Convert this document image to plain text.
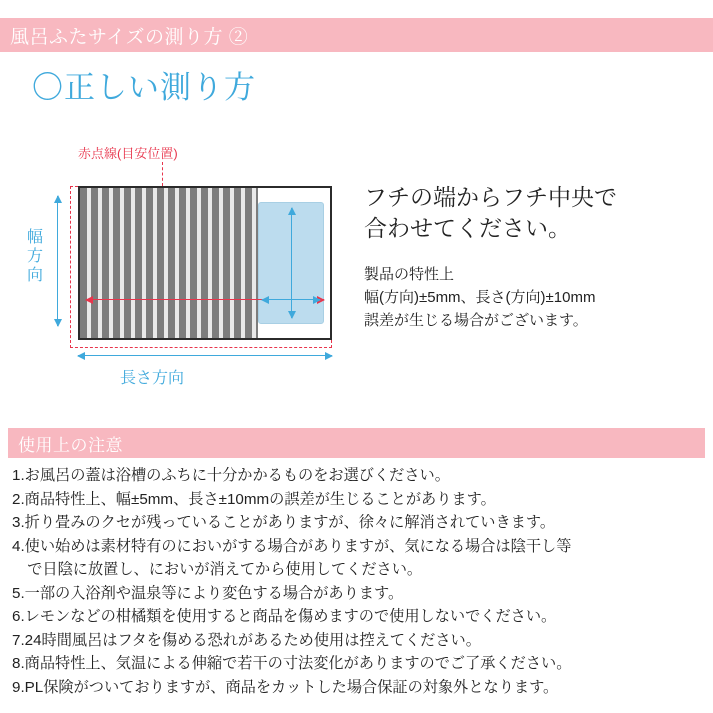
風呂ふたサイズの測り方 ②
〇正しい測り方
赤点線(目安位置)
幅
方向
長さ方向
フチの端からフチ中央で
合わせてください。
製品の特性上
幅(方向)±5mm、長さ(方向)±10mm
誤差が生じる場合がございます。
使用上の注意
1.お風呂の蓋は浴槽のふちに十分かかるものをお選びください。
2.商品特性上、幅±5mm、長さ±10mmの誤差が生じることがあります。
3.折り畳みのクセが残っていることがありますが、徐々に解消されていきます。
4.使い始めは素材特有のにおいがする場合がありますが、気になる場合は陰干し等
　で日陰に放置し、においが消えてから使用してください。
5.一部の入浴剤や温泉等により変色する場合があります。
6.レモンなどの柑橘類を使用すると商品を傷めますので使用しないでください。
7.24時間風呂はフタを傷める恐れがあるため使用は控えてください。
8.商品特性上、気温による伸縮で若干の寸法変化がありますのでご了承ください。
9.PL保険がついておりますが、商品をカットした場合保証の対象外となります。
